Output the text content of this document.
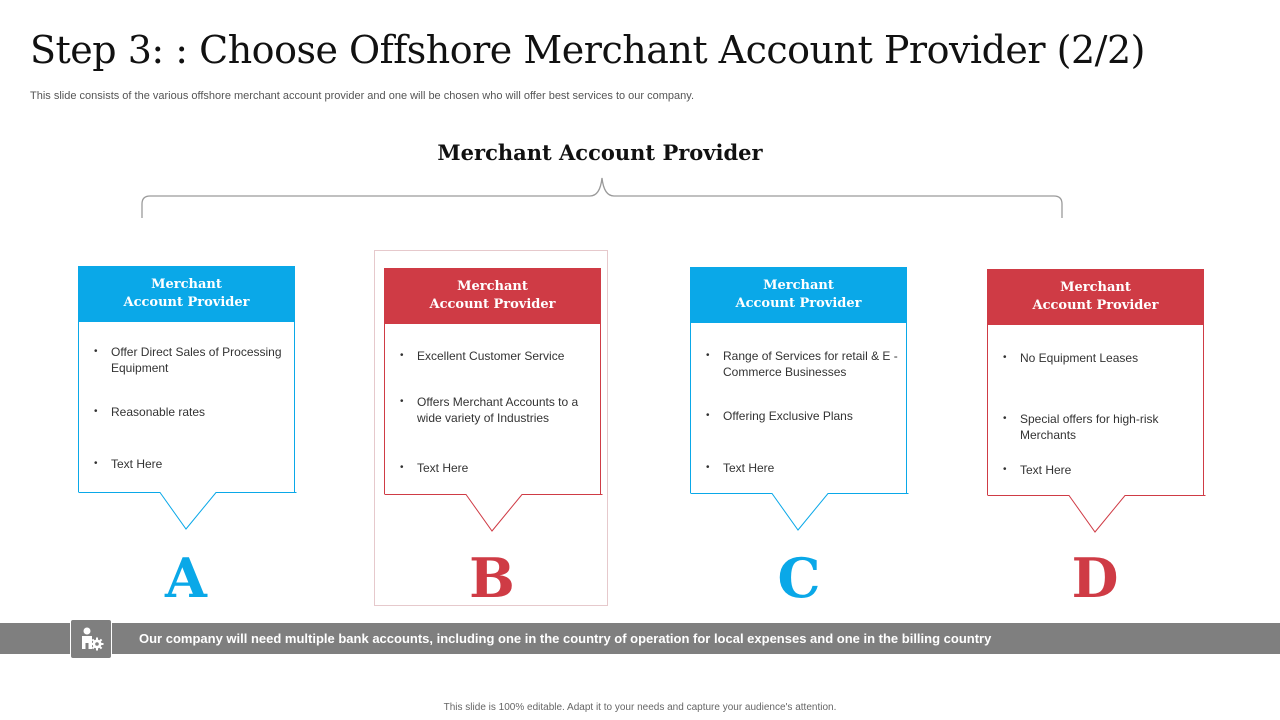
Step 3: : Choose Offshore Merchant Account Provider (2/2)
This slide consists of the various offshore merchant account provider and one will be chosen who will offer best services to our company.
Merchant Account Provider
Merchant
Account Provider
• Offer Direct Sales of Processing Equipment
• Reasonable rates
• Text Here
A
Merchant
Account Provider
• Excellent Customer Service
• Offers Merchant Accounts to a wide variety of Industries
• Text Here
B
Merchant
Account Provider
• Range of Services for retail & E - Commerce Businesses
• Offering Exclusive Plans
• Text Here
C
Merchant
Account Provider
• No Equipment Leases
• Special offers for high-risk Merchants
• Text Here
D
Our company will need multiple bank accounts, including one in the country of operation for local expenses and one in the billing country
This slide is 100% editable. Adapt it to your needs and capture your audience's attention.
